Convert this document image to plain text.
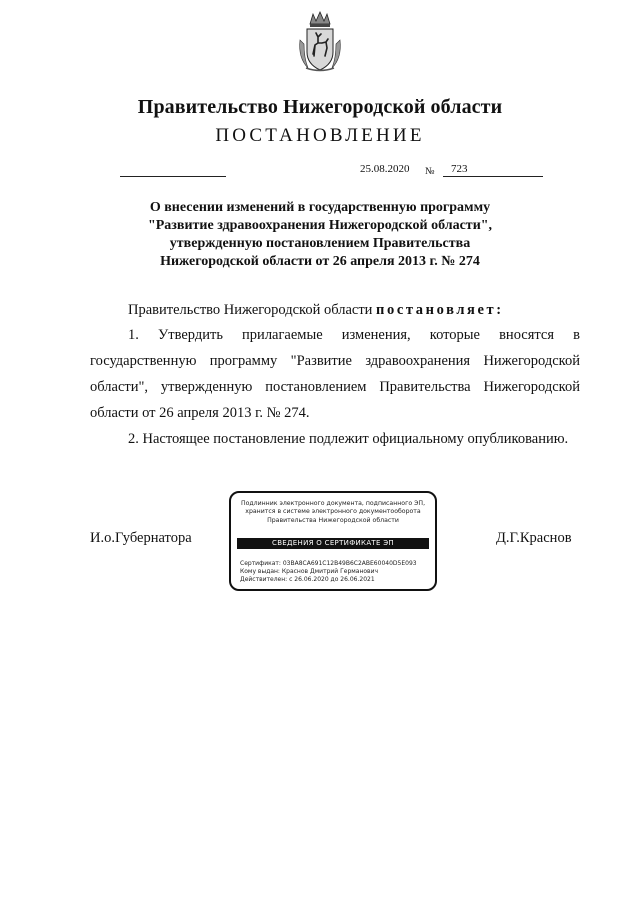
Правительство Нижегородской области
ПОСТАНОВЛЕНИЕ
25.08.2020 № 723
О внесении изменений в государственную программу
"Развитие здравоохранения Нижегородской области",
утвержденную постановлением Правительства
Нижегородской области от 26 апреля 2013 г. № 274
Правительство Нижегородской области постановляет:
1. Утвердить прилагаемые изменения, которые вносятся в государственную программу "Развитие здравоохранения Нижегородской области", утвержденную постановлением Правительства Нижегородской области от 26 апреля 2013 г. № 274.
2. Настоящее постановление подлежит официальному опубликованию.
И.о.Губернатора	Д.Г.Краснов
Подлинник электронного документа, подписанного ЭП,
хранится в системе электронного документооборота
Правительства Нижегородской области
СВЕДЕНИЯ О СЕРТИФИКАТЕ ЭП
Сертификат: 03BA8CA691C12B49B6C2ABE60040D5E093
Кому выдан: Краснов Дмитрий Германович
Действителен: с 26.06.2020 до 26.06.2021
